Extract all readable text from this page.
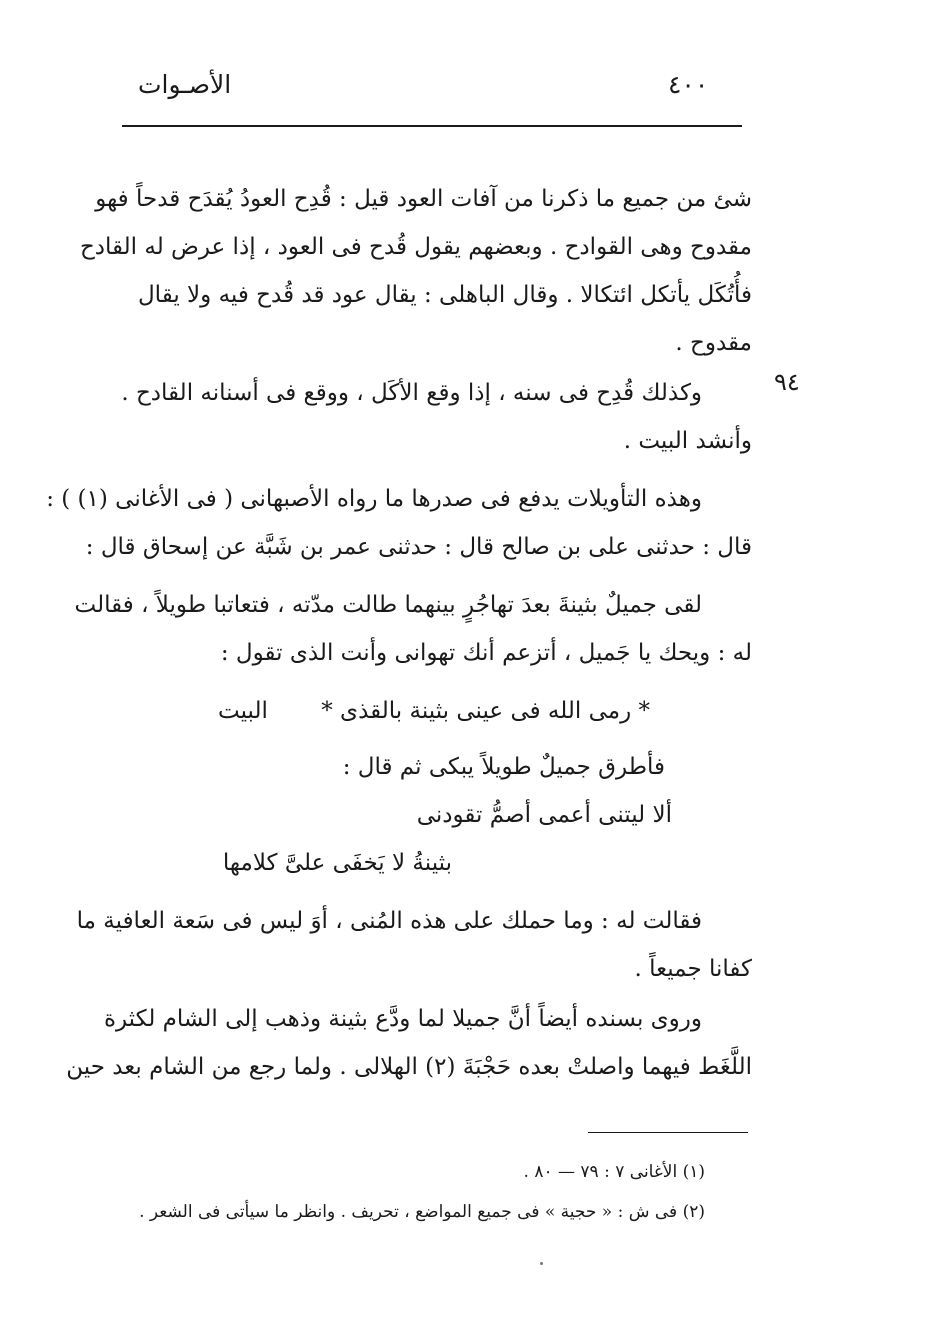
الأصـوات	٤٠٠
٩٤
شئ من جميع ما ذكرنا من آفات العود قيل : قُدِح العودُ يُقدَح قدحاً فهو
مقدوح وهى القوادح . وبعضهم يقول قُدح فى العود ، إذا عرض له القادح
فأُتُكَل يأتكل ائتكالا . وقال الباهلى : يقال عود قد قُدح فيه ولا يقال
مقدوح .
وكذلك قُدِح فى سنه ، إذا وقع الأكَل ، ووقع فى أسنانه القادح .
وأنشد البيت .
وهذه التأويلات يدفع فى صدرها ما رواه الأصبهانى ( فى الأغانى (١) ) :
قال : حدثنى على بن صالح قال : حدثنى عمر بن شَبَّة عن إسحاق قال :
لقى جميلٌ بثينةَ بعدَ تهاجُرٍ بينهما طالت مدّته ، فتعاتبا طويلاً ، فقالت
له : ويحك يا جَميل ، أتزعم أنك تهوانى وأنت الذى تقول :
* رمى الله فى عينى بثينة بالقذى *
البيت
فأطرق جميلٌ طويلاً يبكى ثم قال :
ألا ليتنى أعمى أصمُّ تقودنى
بثينةُ لا يَخفَى علىَّ كلامها
فقالت له : وما حملك على هذه المُنى ، أوَ ليس فى سَعة العافية ما
كفانا جميعاً .
وروى بسنده أيضاً أنَّ جميلا لما ودَّع بثينة وذهب إلى الشام لكثرة
اللَّغَط فيهما واصلتْ بعده حَجْبَةَ (٢) الهلالى . ولما رجع من الشام بعد حين
(١) الأغانى ٧ : ٧٩ — ٨٠ .
(٢) فى ش : « حجية » فى جميع المواضع ، تحريف . وانظر ما سيأتى فى الشعر .
